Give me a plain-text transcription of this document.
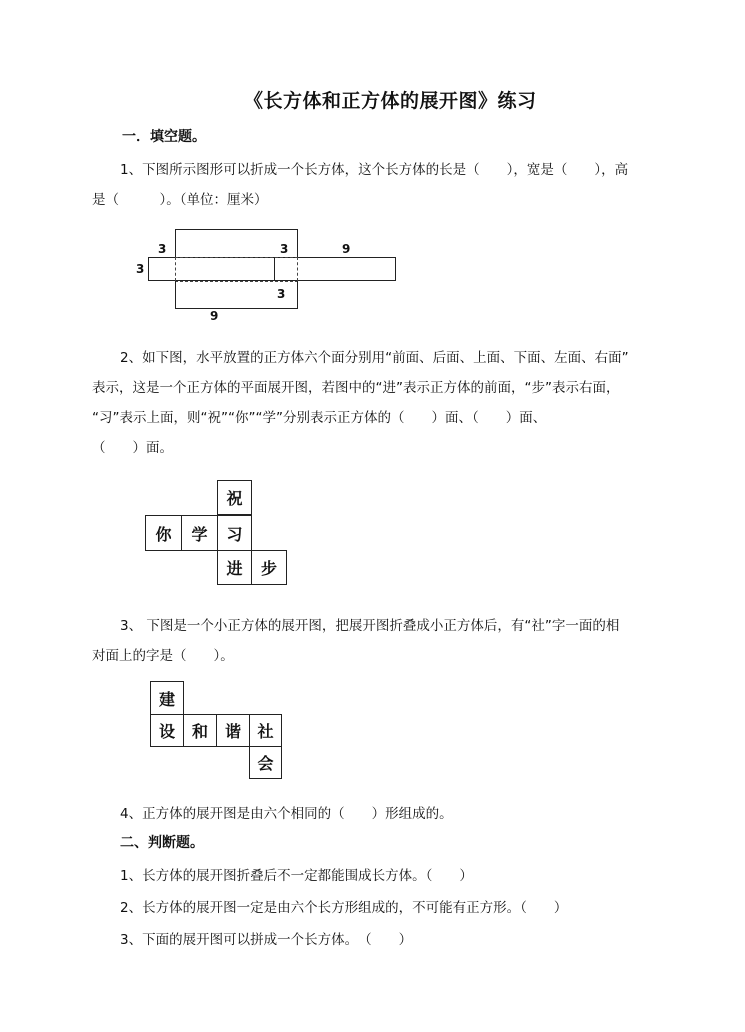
《长方体和正方体的展开图》练习
一．填空题。
1、下图所示图形可以折成一个长方体，这个长方体的长是（　　），宽是（　　），高
是（　　　）。（单位：厘米）
3
3
3	9
3
9
2、如下图，水平放置的正方体六个面分别用“前面、后面、上面、下面、左面、右面”
表示，这是一个正方体的平面展开图，若图中的“进”表示正方体的前面，“步”表示右面，
“习”表示上面，则“祝”“你”“学”分别表示正方体的（　　）面、（　　）面、
（　　）面。
祝
你	学	习
进	步
3、 下图是一个小正方体的展开图，把展开图折叠成小正方体后，有“社”字一面的相
对面上的字是（　　）。
建
设	和	谐	社
会
4、正方体的展开图是由六个相同的（　　）形组成的。
二、判断题。
1、长方体的展开图折叠后不一定都能围成长方体。（　　）
2、长方体的展开图一定是由六个长方形组成的，不可能有正方形。（　　）
3、下面的展开图可以拼成一个长方体。　（　　）
